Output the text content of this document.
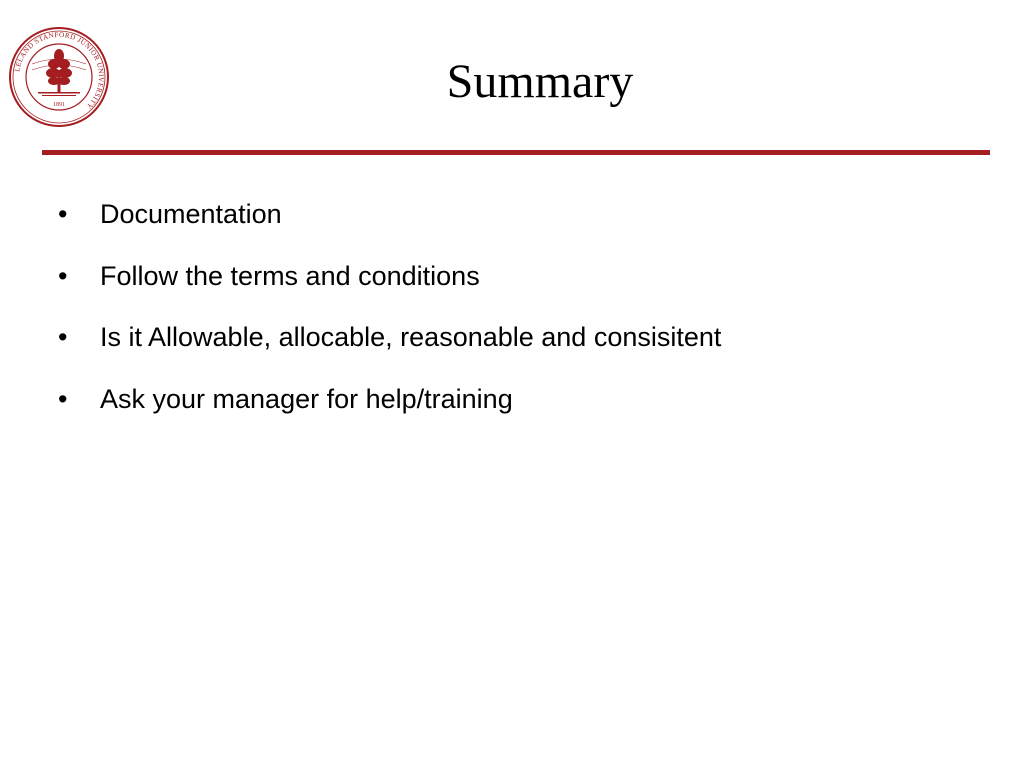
LELAND STANFORD JUNIOR UNIVERSITY
1891	Summary
•	Documentation
•	Follow the terms and conditions
•	Is it Allowable, allocable, reasonable and consisitent
•	Ask your manager for help/training
